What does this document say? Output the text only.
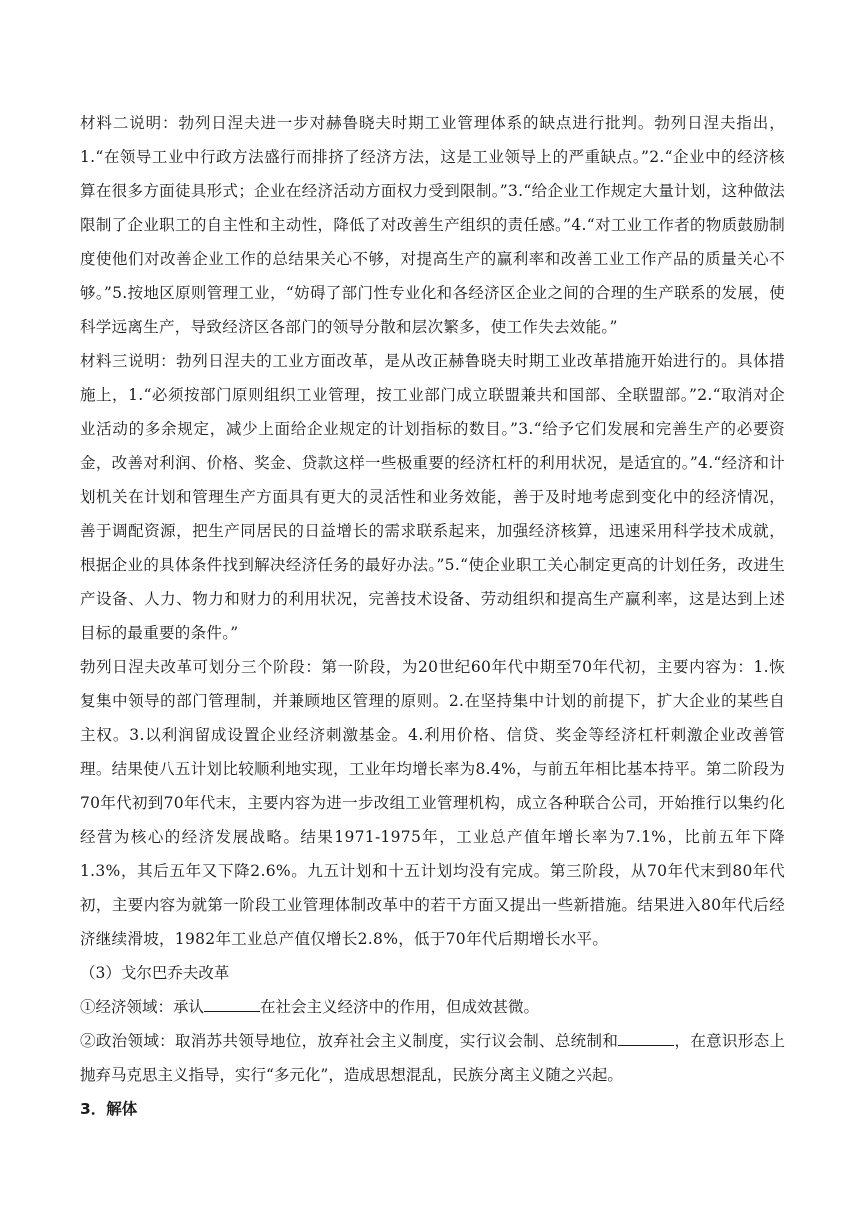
材料二说明：勃列日涅夫进一步对赫鲁晓夫时期工业管理体系的缺点进行批判。勃列日涅夫指出，1.“在领导工业中行政方法盛行而排挤了经济方法，这是工业领导上的严重缺点。”2.“企业中的经济核算在很多方面徒具形式；企业在经济活动方面权力受到限制。”3.“给企业工作规定大量计划，这种做法限制了企业职工的自主性和主动性，降低了对改善生产组织的责任感。”4.“对工业工作者的物质鼓励制度使他们对改善企业工作的总结果关心不够，对提高生产的赢利率和改善工业工作产品的质量关心不够。”5.按地区原则管理工业，“妨碍了部门性专业化和各经济区企业之间的合理的生产联系的发展，使科学远离生产，导致经济区各部门的领导分散和层次繁多，使工作失去效能。”

材料三说明：勃列日涅夫的工业方面改革，是从改正赫鲁晓夫时期工业改革措施开始进行的。具体措施上，1.“必须按部门原则组织工业管理，按工业部门成立联盟兼共和国部、全联盟部。”2.“取消对企业活动的多余规定，减少上面给企业规定的计划指标的数目。”3.“给予它们发展和完善生产的必要资金，改善对利润、价格、奖金、贷款这样一些极重要的经济杠杆的利用状况，是适宜的。”4.“经济和计划机关在计划和管理生产方面具有更大的灵活性和业务效能，善于及时地考虑到变化中的经济情况，善于调配资源，把生产同居民的日益增长的需求联系起来，加强经济核算，迅速采用科学技术成就，根据企业的具体条件找到解决经济任务的最好办法。”5.“使企业职工关心制定更高的计划任务，改进生产设备、人力、物力和财力的利用状况，完善技术设备、劳动组织和提高生产赢利率，这是达到上述目标的最重要的条件。”

勃列日涅夫改革可划分三个阶段：第一阶段，为20世纪60年代中期至70年代初，主要内容为：1.恢复集中领导的部门管理制，并兼顾地区管理的原则。2.在坚持集中计划的前提下，扩大企业的某些自主权。3.以利润留成设置企业经济刺激基金。4.利用价格、信贷、奖金等经济杠杆刺激企业改善管理。结果使八五计划比较顺利地实现，工业年均增长率为8.4%，与前五年相比基本持平。第二阶段为70年代初到70年代末，主要内容为进一步改组工业管理机构，成立各种联合公司，开始推行以集约化经营为核心的经济发展战略。结果1971-1975年，工业总产值年增长率为7.1%，比前五年下降1.3%，其后五年又下降2.6%。九五计划和十五计划均没有完成。第三阶段，从70年代末到80年代初，主要内容为就第一阶段工业管理体制改革中的若干方面又提出一些新措施。结果进入80年代后经济继续滑坡，1982年工业总产值仅增长2.8%，低于70年代后期增长水平。

（3）戈尔巴乔夫改革

①经济领域：承认	在社会主义经济中的作用，但成效甚微。

②政治领域：取消苏共领导地位，放弃社会主义制度，实行议会制、总统制和	，在意识形态上抛弃马克思主义指导，实行“多元化”，造成思想混乱，民族分离主义随之兴起。

3．解体
